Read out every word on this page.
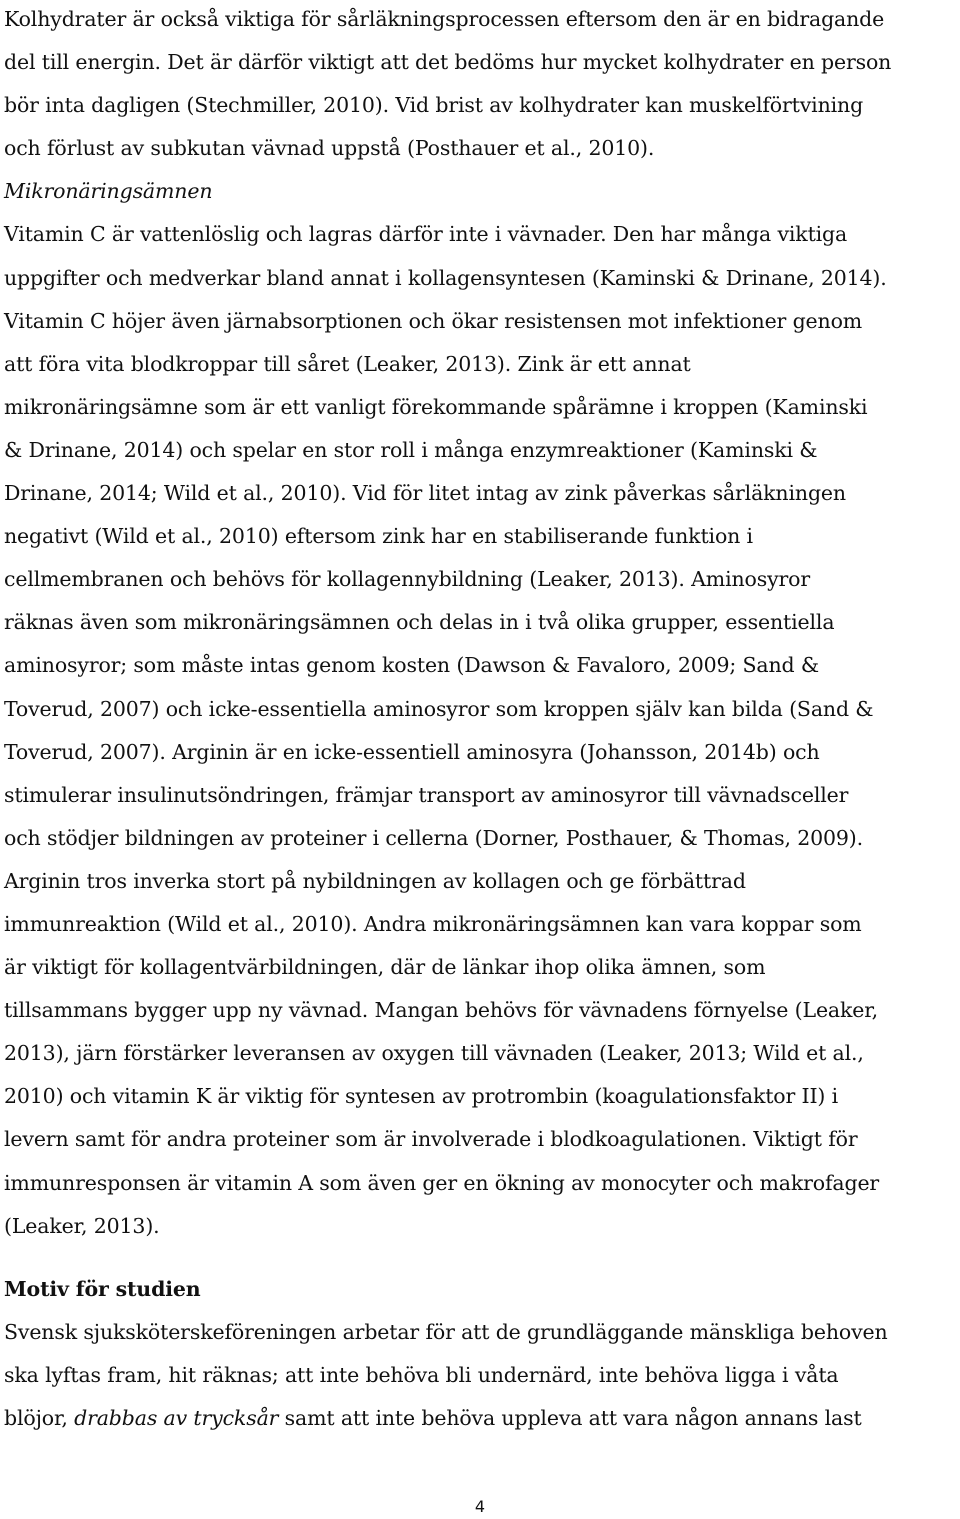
Kolhydrater är också viktiga för sårläkningsprocessen eftersom den är en bidragande
del till energin. Det är därför viktigt att det bedöms hur mycket kolhydrater en person
bör inta dagligen (Stechmiller, 2010). Vid brist av kolhydrater kan muskelförtvining
och förlust av subkutan vävnad uppstå (Posthauer et al., 2010).
Mikronäringsämnen
Vitamin C är vattenlöslig och lagras därför inte i vävnader. Den har många viktiga
uppgifter och medverkar bland annat i kollagensyntesen (Kaminski & Drinane, 2014).
Vitamin C höjer även järnabsorptionen och ökar resistensen mot infektioner genom
att föra vita blodkroppar till såret (Leaker, 2013). Zink är ett annat
mikronäringsämne som är ett vanligt förekommande spårämne i kroppen (Kaminski
& Drinane, 2014) och spelar en stor roll i många enzymreaktioner (Kaminski &
Drinane, 2014; Wild et al., 2010). Vid för litet intag av zink påverkas sårläkningen
negativt (Wild et al., 2010) eftersom zink har en stabiliserande funktion i
cellmembranen och behövs för kollagennybildning (Leaker, 2013). Aminosyror
räknas även som mikronäringsämnen och delas in i två olika grupper, essentiella
aminosyror; som måste intas genom kosten (Dawson & Favaloro, 2009; Sand &
Toverud, 2007) och icke-essentiella aminosyror som kroppen själv kan bilda (Sand &
Toverud, 2007). Arginin är en icke-essentiell aminosyra (Johansson, 2014b) och
stimulerar insulinutsöndringen, främjar transport av aminosyror till vävnadsceller
och stödjer bildningen av proteiner i cellerna (Dorner, Posthauer, & Thomas, 2009).
Arginin tros inverka stort på nybildningen av kollagen och ge förbättrad
immunreaktion (Wild et al., 2010). Andra mikronäringsämnen kan vara koppar som
är viktigt för kollagentvärbildningen, där de länkar ihop olika ämnen, som
tillsammans bygger upp ny vävnad. Mangan behövs för vävnadens förnyelse (Leaker,
2013), järn förstärker leveransen av oxygen till vävnaden (Leaker, 2013; Wild et al.,
2010) och vitamin K är viktig för syntesen av protrombin (koagulationsfaktor II) i
levern samt för andra proteiner som är involverade i blodkoagulationen. Viktigt för
immunresponsen är vitamin A som även ger en ökning av monocyter och makrofager
(Leaker, 2013).
Motiv för studien
Svensk sjuksköterskeföreningen arbetar för att de grundläggande mänskliga behoven
ska lyftas fram, hit räknas; att inte behöva bli undernärd, inte behöva ligga i våta
blöjor, drabbas av trycksår samt att inte behöva uppleva att vara någon annans last
4
